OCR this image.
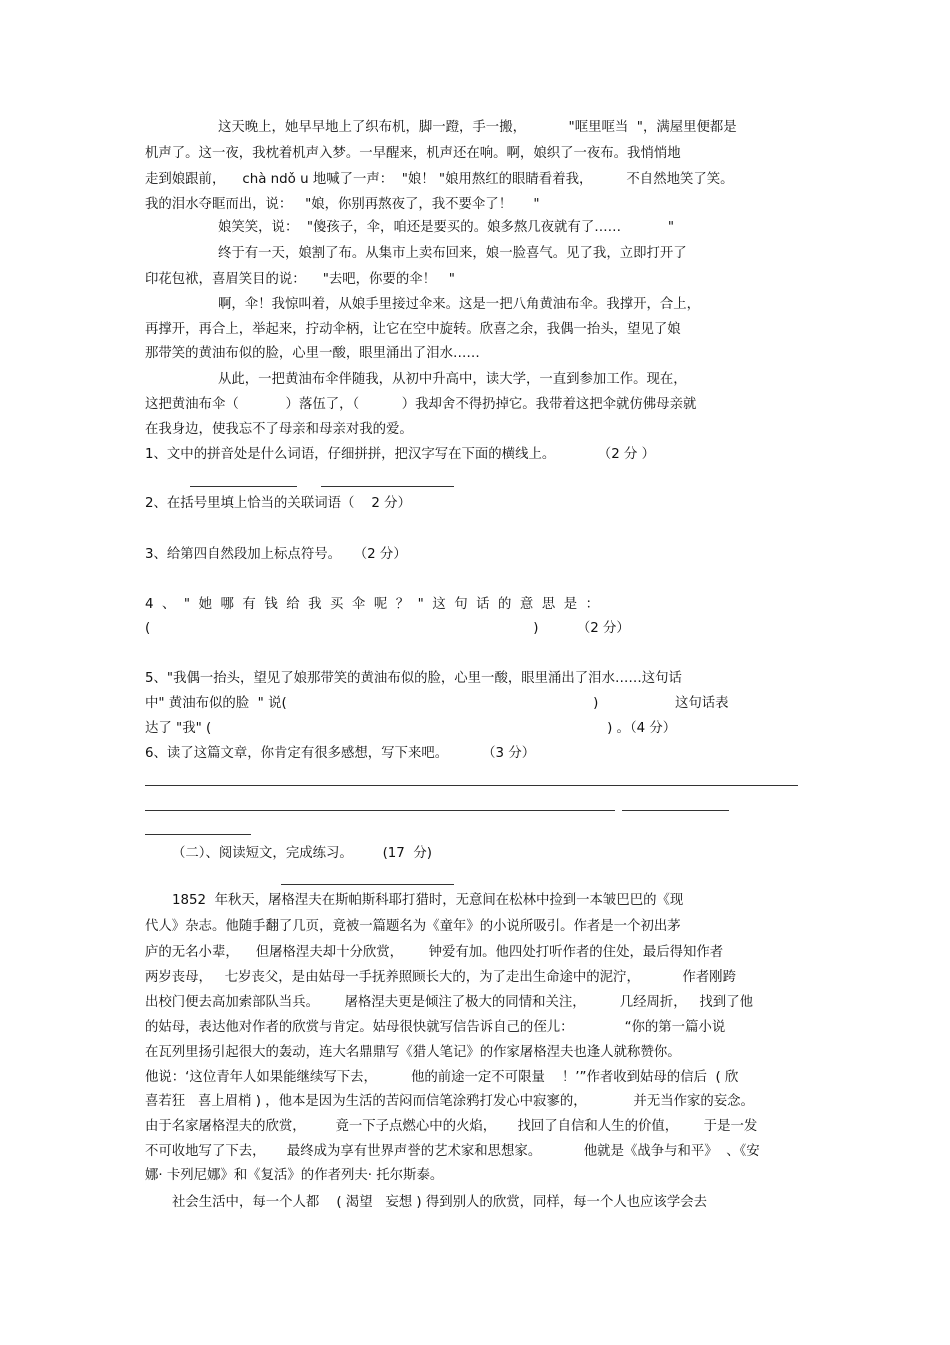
这天晚上，她早早地上了织布机，脚一蹬，手一搬，          "哐里哐当  "，满屋里便都是

机声了。这一夜，我枕着机声入梦。一早醒来，机声还在响。啊，娘织了一夜布。我悄悄地

走到娘跟前，    chà ndǒ u 地喊了一声：  "娘！ "娘用熬红的眼睛看着我，        不自然地笑了笑。

我的泪水夺眶而出，说：   "娘，你别再熬夜了，我不要伞了！     "

娘笑笑，说：  "傻孩子，伞，咱还是要买的。娘多熬几夜就有了……           "

终于有一天，娘割了布。从集市上卖布回来，娘一脸喜气。见了我，立即打开了

印花包袱，喜眉笑目的说：    "去吧，你要的伞！   "

啊，伞！我惊叫着，从娘手里接过伞来。这是一把八角黄油布伞。我撑开，合上，

再撑开，再合上，举起来，拧动伞柄，让它在空中旋转。欣喜之余，我偶一抬头，望见了娘

那带笑的黄油布似的脸，心里一酸，眼里涌出了泪水……

从此，一把黄油布伞伴随我，从初中升高中，读大学，一直到参加工作。现在，

这把黄油布伞（           ）落伍了，（          ）我却舍不得扔掉它。我带着这把伞就仿佛母亲就

在我身边，使我忘不了母亲和母亲对我的爱。

1、文中的拼音处是什么词语，仔细拼拼，把汉字写在下面的横线上。          （2 分 ）

2、在括号里填上恰当的关联词语（    2 分）

3、给第四自然段加上标点符号。   （2 分）

4  、  "  她  哪  有  钱  给  我  买  伞  呢  ？  "  这  句  话  的  意  思  是  ：

(                                                                                          )         （2 分）

5、"我偶一抬头，望见了娘那带笑的黄油布似的脸，心里一酸，眼里涌出了泪水……这句话

中" 黄油布似的脸  " 说(                                                                        )                  这句话表

达了 "我" (                                                                                             ) 。（4 分）

6、读了这篇文章，你肯定有很多感想，写下来吧。        （3 分）

（二）、阅读短文，完成练习。       (17  分)

1852  年秋天，屠格涅夫在斯帕斯科耶打猎时，无意间在松林中捡到一本皱巴巴的《现

代人》杂志。他随手翻了几页，竟被一篇题名为《童年》的小说所吸引。作者是一个初出茅

庐的无名小辈，    但屠格涅夫却十分欣赏，      钟爱有加。他四处打听作者的住处，最后得知作者

两岁丧母，   七岁丧父，是由姑母一手抚养照顾长大的，为了走出生命途中的泥泞，          作者刚跨

出校门便去高加索部队当兵。      屠格涅夫更是倾注了极大的同情和关注，        几经周折，   找到了他

的姑母，表达他对作者的欣赏与肯定。姑母很快就写信告诉自己的侄儿：            “你的第一篇小说

在瓦列里扬引起很大的轰动，连大名鼎鼎写《猎人笔记》的作家屠格涅夫也逢人就称赞你。

他说：‘这位青年人如果能继续写下去，        他的前途一定不可限量    ！’”作者收到姑母的信后  ( 欣

喜若狂   喜上眉梢 ) ，他本是因为生活的苦闷而信笔涂鸦打发心中寂寥的，           并无当作家的妄念。

由于名家屠格涅夫的欣赏，       竟一下子点燃心中的火焰，     找回了自信和人生的价值，      于是一发

不可收地写了下去，     最终成为享有世界声誉的艺术家和思想家。          他就是《战争与和平》  、《安

娜· 卡列尼娜》和《复活》的作者列夫· 托尔斯泰。

社会生活中，每一个人都    ( 渴望   妄想 ) 得到别人的欣赏，同样，每一个人也应该学会去
